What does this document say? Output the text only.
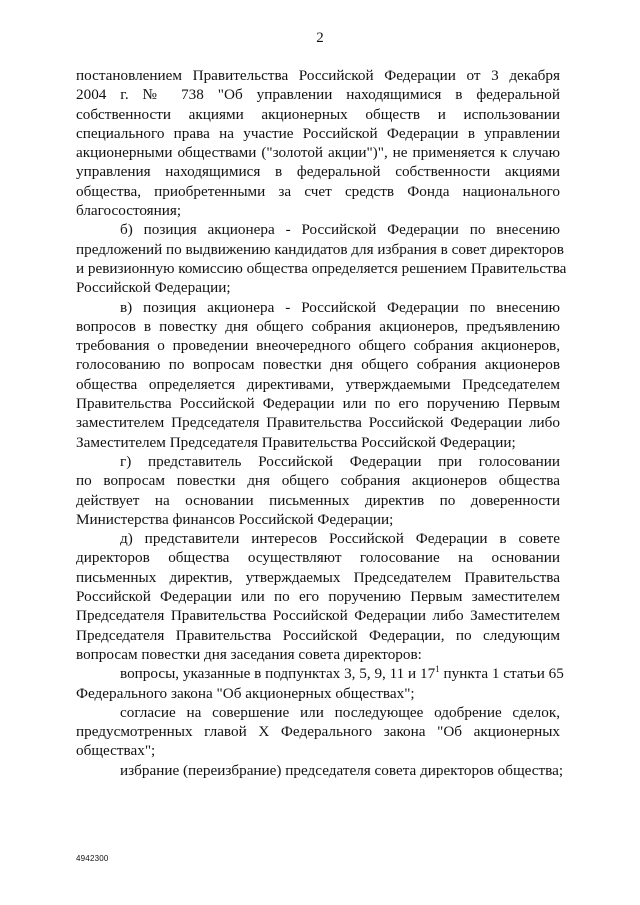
2
постановлением Правительства Российской Федерации от 3 декабря
2004 г. № 738 "Об управлении находящимися в федеральной
собственности акциями акционерных обществ и использовании
специального права на участие Российской Федерации в управлении
акционерными обществами ("золотой акции")", не применяется к случаю
управления находящимися в федеральной собственности акциями
общества, приобретенными за счет средств Фонда национального
благосостояния;
б) позиция акционера - Российской Федерации по внесению
предложений по выдвижению кандидатов для избрания в совет директоров
и ревизионную комиссию общества определяется решением Правительства
Российской Федерации;
в) позиция акционера - Российской Федерации по внесению
вопросов в повестку дня общего собрания акционеров, предъявлению
требования о проведении внеочередного общего собрания акционеров,
голосованию по вопросам повестки дня общего собрания акционеров
общества определяется директивами, утверждаемыми Председателем
Правительства Российской Федерации или по его поручению Первым
заместителем Председателя Правительства Российской Федерации либо
Заместителем Председателя Правительства Российской Федерации;
г) представитель Российской Федерации при голосовании
по вопросам повестки дня общего собрания акционеров общества
действует на основании письменных директив по доверенности
Министерства финансов Российской Федерации;
д) представители интересов Российской Федерации в совете
директоров общества осуществляют голосование на основании
письменных директив, утверждаемых Председателем Правительства
Российской Федерации или по его поручению Первым заместителем
Председателя Правительства Российской Федерации либо Заместителем
Председателя Правительства Российской Федерации, по следующим
вопросам повестки дня заседания совета директоров:
вопросы, указанные в подпунктах 3, 5, 9, 11 и $17^1$ пункта 1 статьи 65
Федерального закона "Об акционерных обществах";
согласие на совершение или последующее одобрение сделок,
предусмотренных главой X Федерального закона "Об акционерных
обществах";
избрание (переизбрание) председателя совета директоров общества;
4942300
